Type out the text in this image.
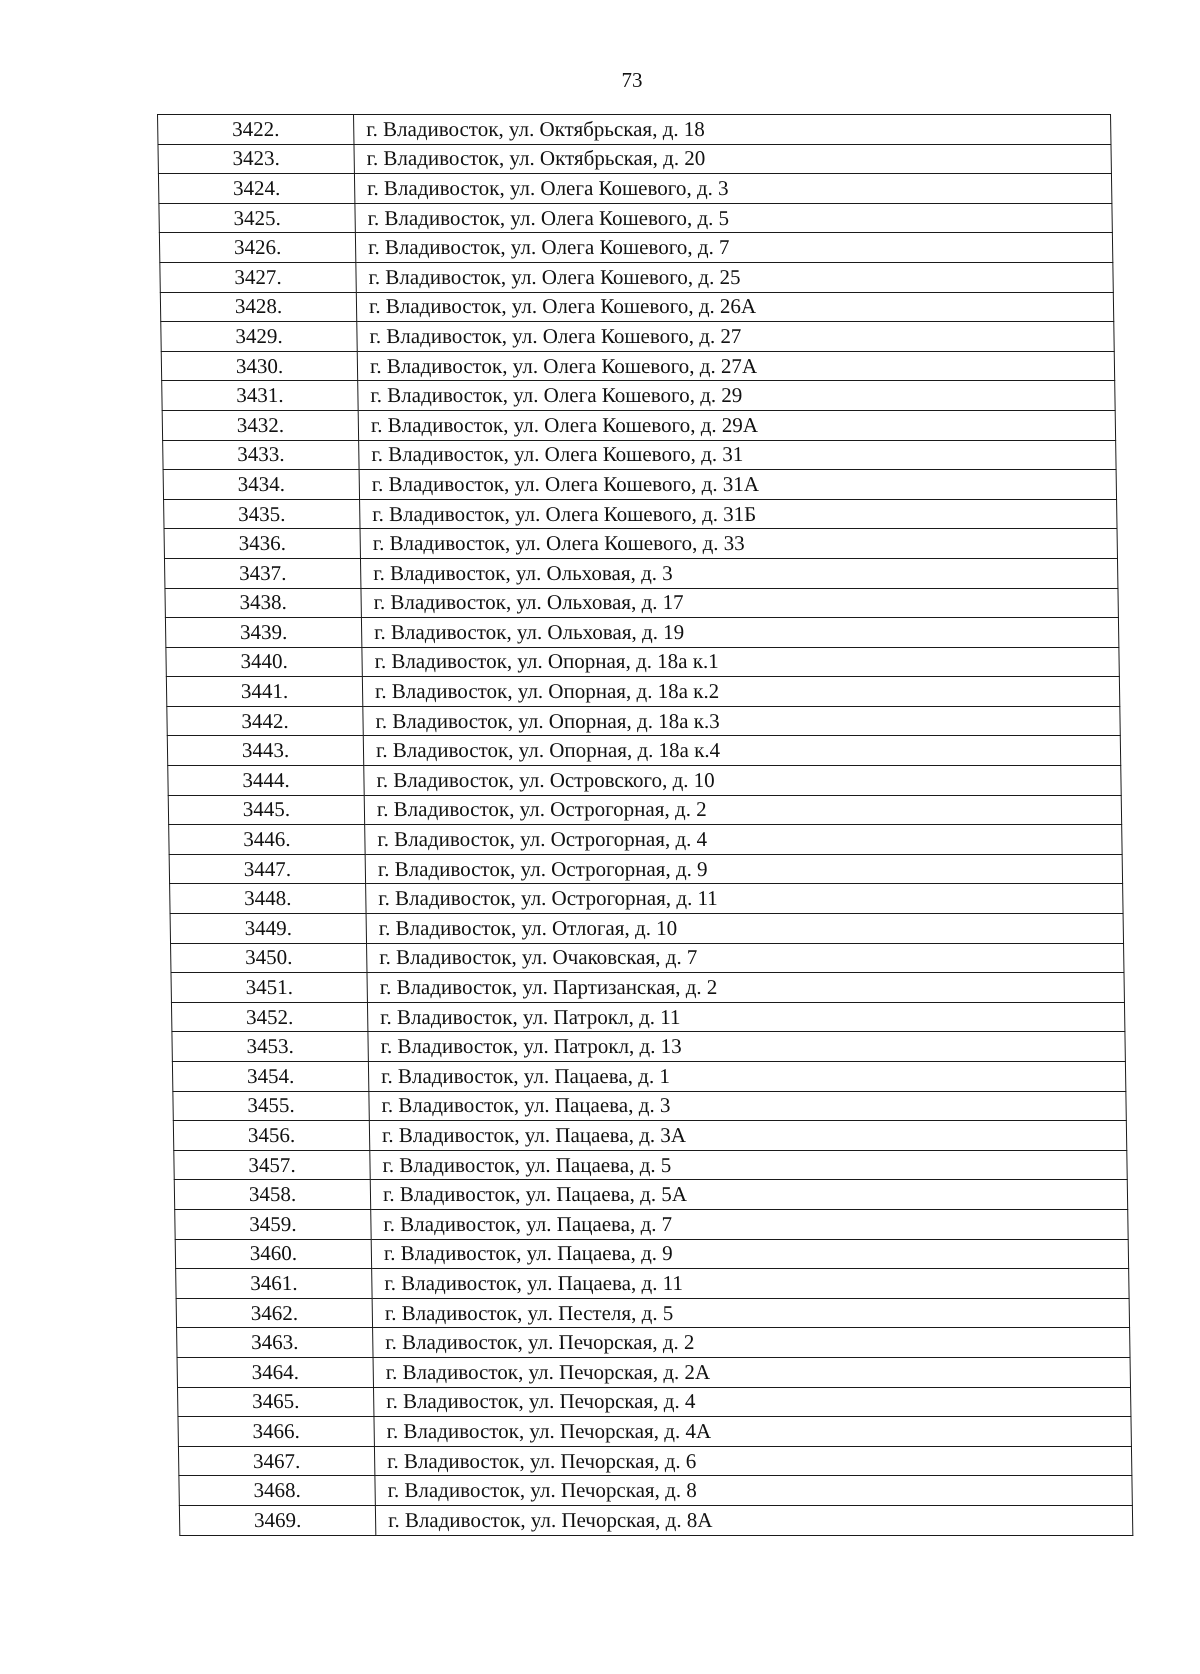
73
3422.	г. Владивосток, ул. Октябрьская, д. 18
3423.	г. Владивосток, ул. Октябрьская, д. 20
3424.	г. Владивосток, ул. Олега Кошевого, д. 3
3425.	г. Владивосток, ул. Олега Кошевого, д. 5
3426.	г. Владивосток, ул. Олега Кошевого, д. 7
3427.	г. Владивосток, ул. Олега Кошевого, д. 25
3428.	г. Владивосток, ул. Олега Кошевого, д. 26А
3429.	г. Владивосток, ул. Олега Кошевого, д. 27
3430.	г. Владивосток, ул. Олега Кошевого, д. 27А
3431.	г. Владивосток, ул. Олега Кошевого, д. 29
3432.	г. Владивосток, ул. Олега Кошевого, д. 29А
3433.	г. Владивосток, ул. Олега Кошевого, д. 31
3434.	г. Владивосток, ул. Олега Кошевого, д. 31А
3435.	г. Владивосток, ул. Олега Кошевого, д. 31Б
3436.	г. Владивосток, ул. Олега Кошевого, д. 33
3437.	г. Владивосток, ул. Ольховая, д. 3
3438.	г. Владивосток, ул. Ольховая, д. 17
3439.	г. Владивосток, ул. Ольховая, д. 19
3440.	г. Владивосток, ул. Опорная, д. 18а к.1
3441.	г. Владивосток, ул. Опорная, д. 18а к.2
3442.	г. Владивосток, ул. Опорная, д. 18а к.3
3443.	г. Владивосток, ул. Опорная, д. 18а к.4
3444.	г. Владивосток, ул. Островского, д. 10
3445.	г. Владивосток, ул. Острогорная, д. 2
3446.	г. Владивосток, ул. Острогорная, д. 4
3447.	г. Владивосток, ул. Острогорная, д. 9
3448.	г. Владивосток, ул. Острогорная, д. 11
3449.	г. Владивосток, ул. Отлогая, д. 10
3450.	г. Владивосток, ул. Очаковская, д. 7
3451.	г. Владивосток, ул. Партизанская, д. 2
3452.	г. Владивосток, ул. Патрокл, д. 11
3453.	г. Владивосток, ул. Патрокл, д. 13
3454.	г. Владивосток, ул. Пацаева, д. 1
3455.	г. Владивосток, ул. Пацаева, д. 3
3456.	г. Владивосток, ул. Пацаева, д. 3А
3457.	г. Владивосток, ул. Пацаева, д. 5
3458.	г. Владивосток, ул. Пацаева, д. 5А
3459.	г. Владивосток, ул. Пацаева, д. 7
3460.	г. Владивосток, ул. Пацаева, д. 9
3461.	г. Владивосток, ул. Пацаева, д. 11
3462.	г. Владивосток, ул. Пестеля, д. 5
3463.	г. Владивосток, ул. Печорская, д. 2
3464.	г. Владивосток, ул. Печорская, д. 2А
3465.	г. Владивосток, ул. Печорская, д. 4
3466.	г. Владивосток, ул. Печорская, д. 4А
3467.	г. Владивосток, ул. Печорская, д. 6
3468.	г. Владивосток, ул. Печорская, д. 8
3469.	г. Владивосток, ул. Печорская, д. 8А
